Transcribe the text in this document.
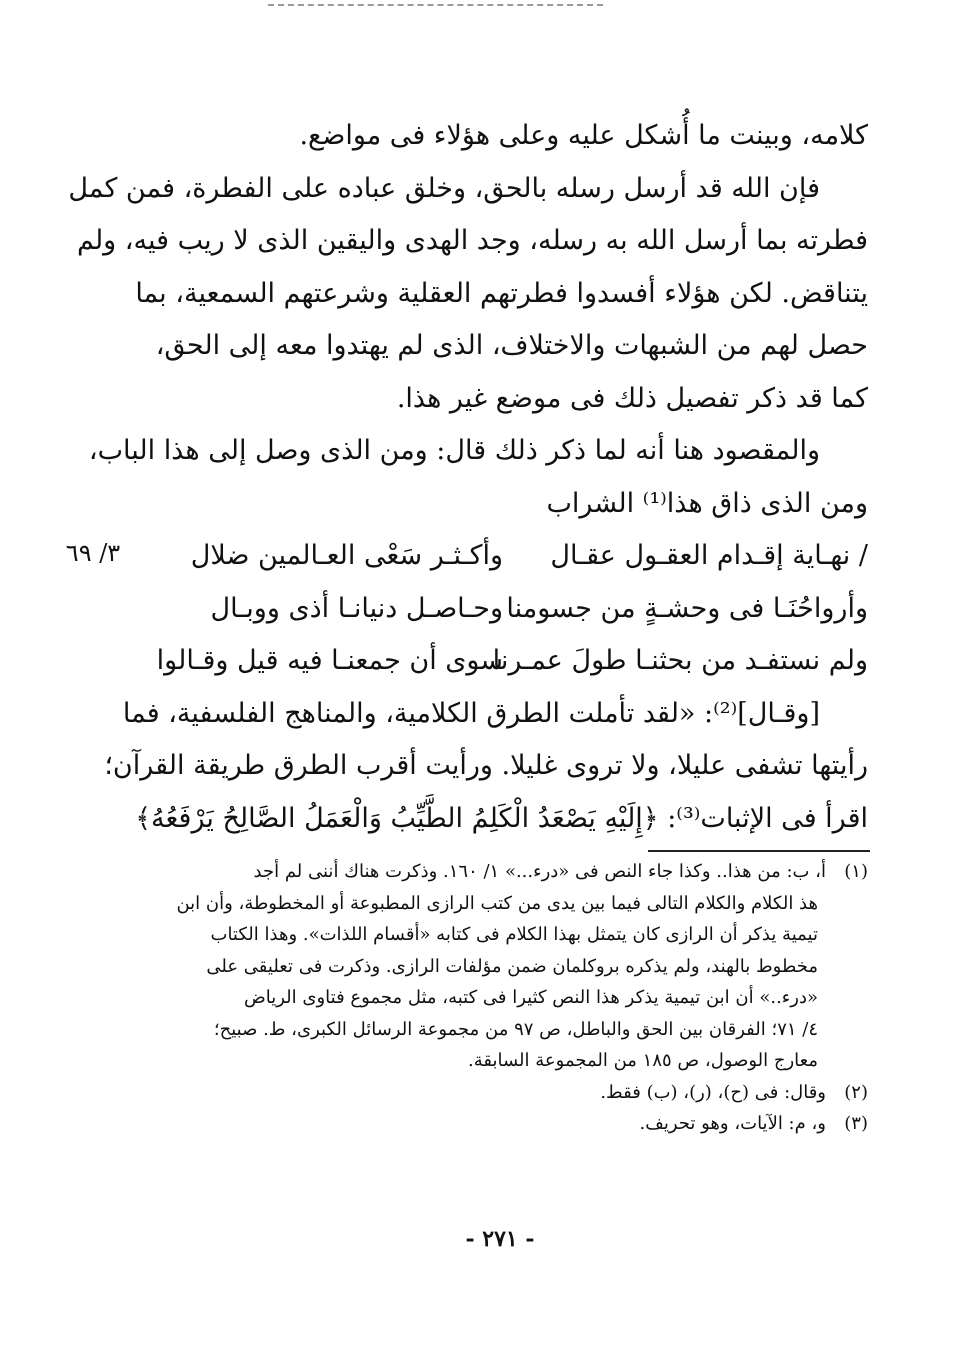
كلامه، وبينت ما أُشكل عليه وعلى هؤلاء فى مواضع.
فإن الله قد أرسل رسله بالحق، وخلق عباده على الفطرة، فمن كمل
فطرته بما أرسل الله به رسله، وجد الهدى واليقين الذى لا ريب فيه، ولم
يتناقض. لكن هؤلاء أفسدوا فطرتهم العقلية وشرعتهم السمعية، بما
حصل لهم من الشبهات والاختلاف، الذى لم يهتدوا معه إلى الحق،
كما قد ذكر تفصيل ذلك فى موضع غير هذا.
والمقصود هنا أنه لما ذكر ذلك قال: ومن الذى وصل إلى هذا الباب،
ومن الذى ذاق هذا⁽¹⁾ الشراب
/ نهـاية إقـدام العقـول عقـال
وأكـثـر سَعْى العـالمين ضلال
وأرواحُنَـا فى وحشـةٍ من جسومنا
وحـاصـل دنيانـا أذى ووبـال
ولم نستفـد من بحثنـا طولَ عمـرنا
سوى أن جمعنـا فيه قيل وقـالوا
[وقـال]⁽²⁾: «لقد تأملت الطرق الكلامية، والمناهج الفلسفية، فما
رأيتها تشفى عليلا، ولا تروى غليلا. ورأيت أقرب الطرق طريقة القرآن؛
اقرأ فى الإثبات⁽³⁾: ﴿إِلَيْهِ يَصْعَدُ الْكَلِمُ الطَّيِّبُ وَالْعَمَلُ الصَّالِحُ يَرْفَعُهُ﴾
٣/ ٦٩
(١)أ، ب: من هذا.. وكذا جاء النص فى «درء...» ١/ ١٦٠. وذكرت هناك أننى لم أجد
هذ الكلام والكلام التالى فيما بين يدى من كتب الرازى المطبوعة أو المخطوطة، وأن ابن
تيمية يذكر أن الرازى كان يتمثل بهذا الكلام فى كتابه «أقسام اللذات». وهذا الكتاب
مخطوط بالهند، ولم يذكره بروكلمان ضمن مؤلفات الرازى. وذكرت فى تعليقى على
«درء..» أن ابن تيمية يذكر هذا النص كثيرا فى كتبه، مثل مجموع فتاوى الرياض
٤/ ٧١؛ الفرقان بين الحق والباطل، ص ٩٧ من مجموعة الرسائل الكبرى، ط. صبيح؛
معارج الوصول، ص ١٨٥ من المجموعة السابقة.
(٢)وقال: فى (ح)، (ر)، (ب) فقط.
(٣)و، م: الآيات، وهو تحريف.
- ٢٧١ -
